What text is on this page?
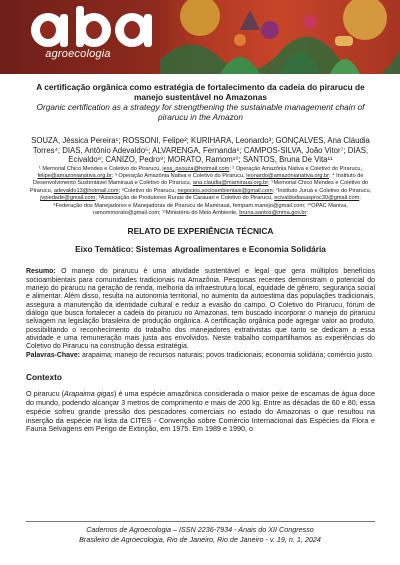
agroecologia

A certificação orgânica como estratégia de fortalecimento da cadeia do pirarucu de manejo sustentável no Amazonas

Organic certification as a strategy for strengthening the sustainable management chain of pirarucu in the Amazon

SOUZA, Jéssica Pereira¹; ROSSONI, Felipe²; KURIHARA, Leonardo³; GONÇALVES, Ana Cláudia Torres⁴; DIAS, Antônio Adevaldo⁵; ALVARENGA, Fernanda⁶; CAMPOS-SILVA, João Vitor⁷; DIAS, Ecivaldo⁸; CANIZO, Pedro⁹; MORATO, Ramom¹⁰; SANTOS, Bruna De Vita¹¹

¹ Memorial Chico Mendes e Coletivo do Pirarucu, jess_psouza@hotmail.com; ² Operação Amazônia Nativa e Coletivo do Pirarucu, felipe@amazonianativa.org.br; ³ Operação Amazônia Nativa e Coletivo do Pirarucu, leonardo@amazonianativa.org.br; ⁴ Instituto de Desenvolvimento Sustentável Mamirauá e Coletivo do Pirarucu, ana.claudia@mamiraua.org.br; ⁵Memorial Chico Mendes e Coletivo do Pirarucu, adevaldo13@hotmail.com; ⁶Coletivo do Pirarucu, negocios.socioambientais@gmail.com; ⁷Instituto Juruá e Coletivo do Pirarucu, jvpiedade@gmail.com; ⁸Associação de Produtores Rurais de Carauari e Coletivo do Pirarucu, ecivaldodiasasproc30@gmail.com; ⁹Federação dos Manejadores e Manejadoras de Pirarucu de Mamirauá, fempam.manejo@gmail.com; ¹⁰OPAC Maniva, ramommorato@gmail.com; ¹¹Ministério do Meio Ambiente, bruna.santos@mma.gov.br;

RELATO DE EXPERIÊNCIA TÉCNICA

Eixo Temático: Sistemas Agroalimentares e Economia Solidária

Resumo: O manejo do pirarucu é uma atividade sustentável e legal que gera múltiplos benefícios socioambientais para comunidades tradicionais na Amazônia. Pesquisas recentes demonstram o potencial do manejo do pirarucu na geração de renda, melhoria da infraestrutura local, equidade de gênero, segurança social e alimentar. Além disso, resulta na autonomia territorial, no aumento da autoestima das populações tradicionais, assegura a manutenção da identidade cultural e reduz a evasão do campo. O Coletivo do Pirarucu, fórum de diálogo que busca fortalecer a cadeia do pirarucu no Amazonas, tem buscado incorporar o manejo do pirarucu selvagem na legislação brasileira de produção orgânica. A certificação orgânica pode agregar valor ao produto, possibilitando o reconhecimento do trabalho dos manejadores extrativistas que tanto se dedicam a essa atividade e uma remuneração mais justa aos envolvidos. Neste trabalho compartilhamos as experiências do Coletivo do Pirarucu na construção dessa estratégia.
Palavras-Chave: arapaima; manejo de recursos naturais; povos tradicionais; economia solidária; comércio justo.

Contexto

O pirarucu (Arapaima gigas) é uma espécie amazônica considerada o maior peixe de escamas de água doce do mundo, podendo alcançar 3 metros de comprimento e mais de 200 kg. Entre as décadas de 60 e 80, essa espécie sofreu grande pressão dos pescadores comerciais no estado do Amazonas o que resultou na inserção da espécie na lista da CITES - Convenção sobre Comércio Internacional das Espécies da Flora e Fauna Selvagens em Perigo de Extinção, em 1975. Em 1989 e 1990, o

Cadernos de Agroecologia – ISSN 2236-7934 - Anais do XII Congresso
Brasileiro de Agroecologia, Rio de Janeiro, Rio de Janeiro - v. 19, n. 1, 2024
